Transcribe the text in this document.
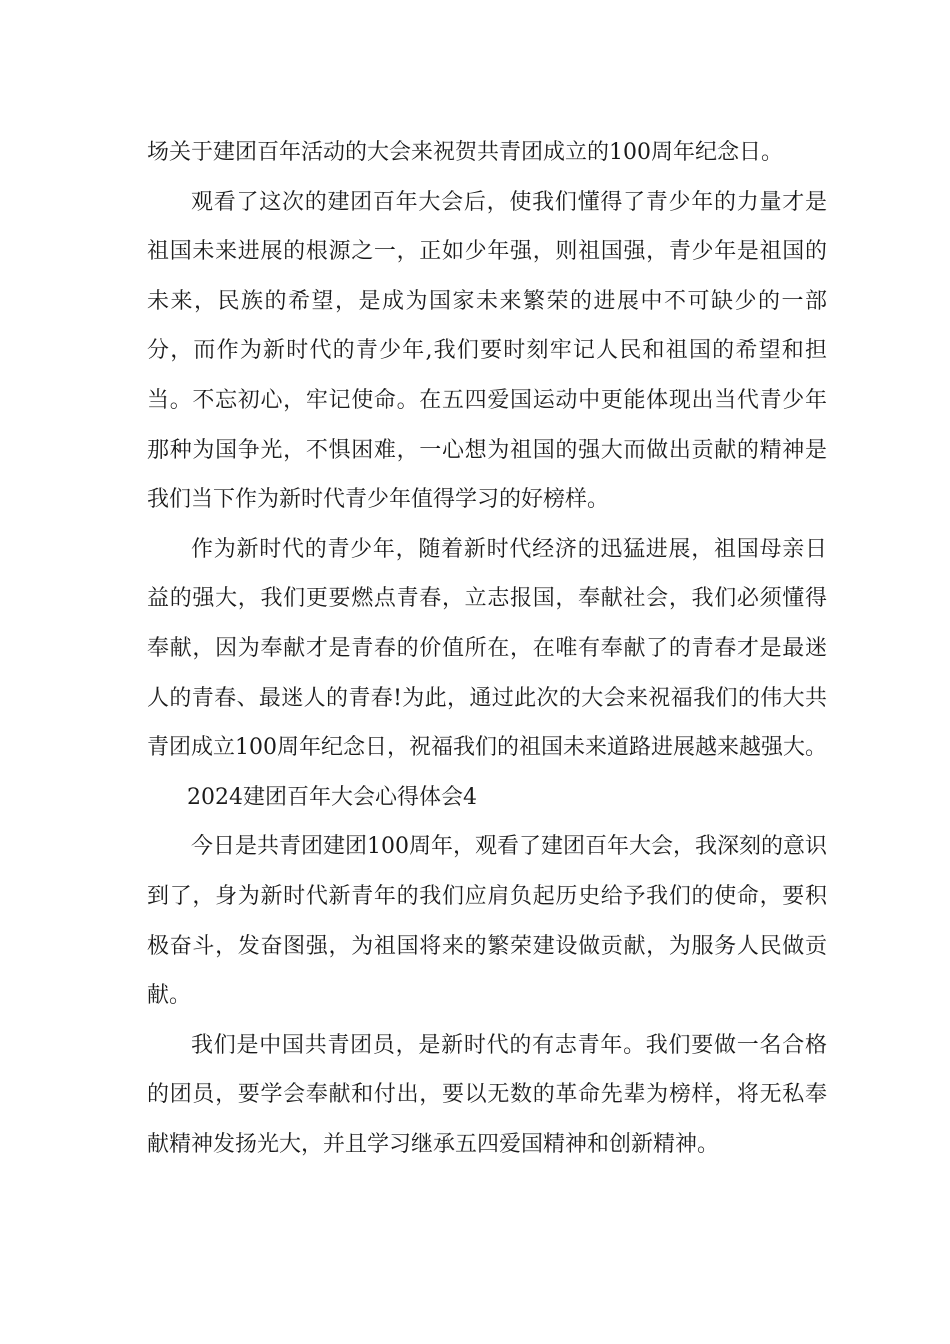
场关于建团百年活动的大会来祝贺共青团成立的100周年纪念日。

观看了这次的建团百年大会后，使我们懂得了青少年的力量才是祖国未来进展的根源之一，正如少年强，则祖国强，青少年是祖国的未来，民族的希望，是成为国家未来繁荣的进展中不可缺少的一部分，而作为新时代的青少年,我们要时刻牢记人民和祖国的希望和担当。不忘初心，牢记使命。在五四爱国运动中更能体现出当代青少年那种为国争光，不惧困难，一心想为祖国的强大而做出贡献的精神是我们当下作为新时代青少年值得学习的好榜样。

作为新时代的青少年，随着新时代经济的迅猛进展，祖国母亲日益的强大，我们更要燃点青春，立志报国，奉献社会，我们必须懂得奉献，因为奉献才是青春的价值所在，在唯有奉献了的青春才是最迷人的青春、最迷人的青春!为此，通过此次的大会来祝福我们的伟大共青团成立100周年纪念日，祝福我们的祖国未来道路进展越来越强大。

2024建团百年大会心得体会4

今日是共青团建团100周年，观看了建团百年大会，我深刻的意识到了，身为新时代新青年的我们应肩负起历史给予我们的使命，要积极奋斗，发奋图强，为祖国将来的繁荣建设做贡献，为服务人民做贡献。

我们是中国共青团员，是新时代的有志青年。我们要做一名合格的团员，要学会奉献和付出，要以无数的革命先辈为榜样，将无私奉献精神发扬光大，并且学习继承五四爱国精神和创新精神。
